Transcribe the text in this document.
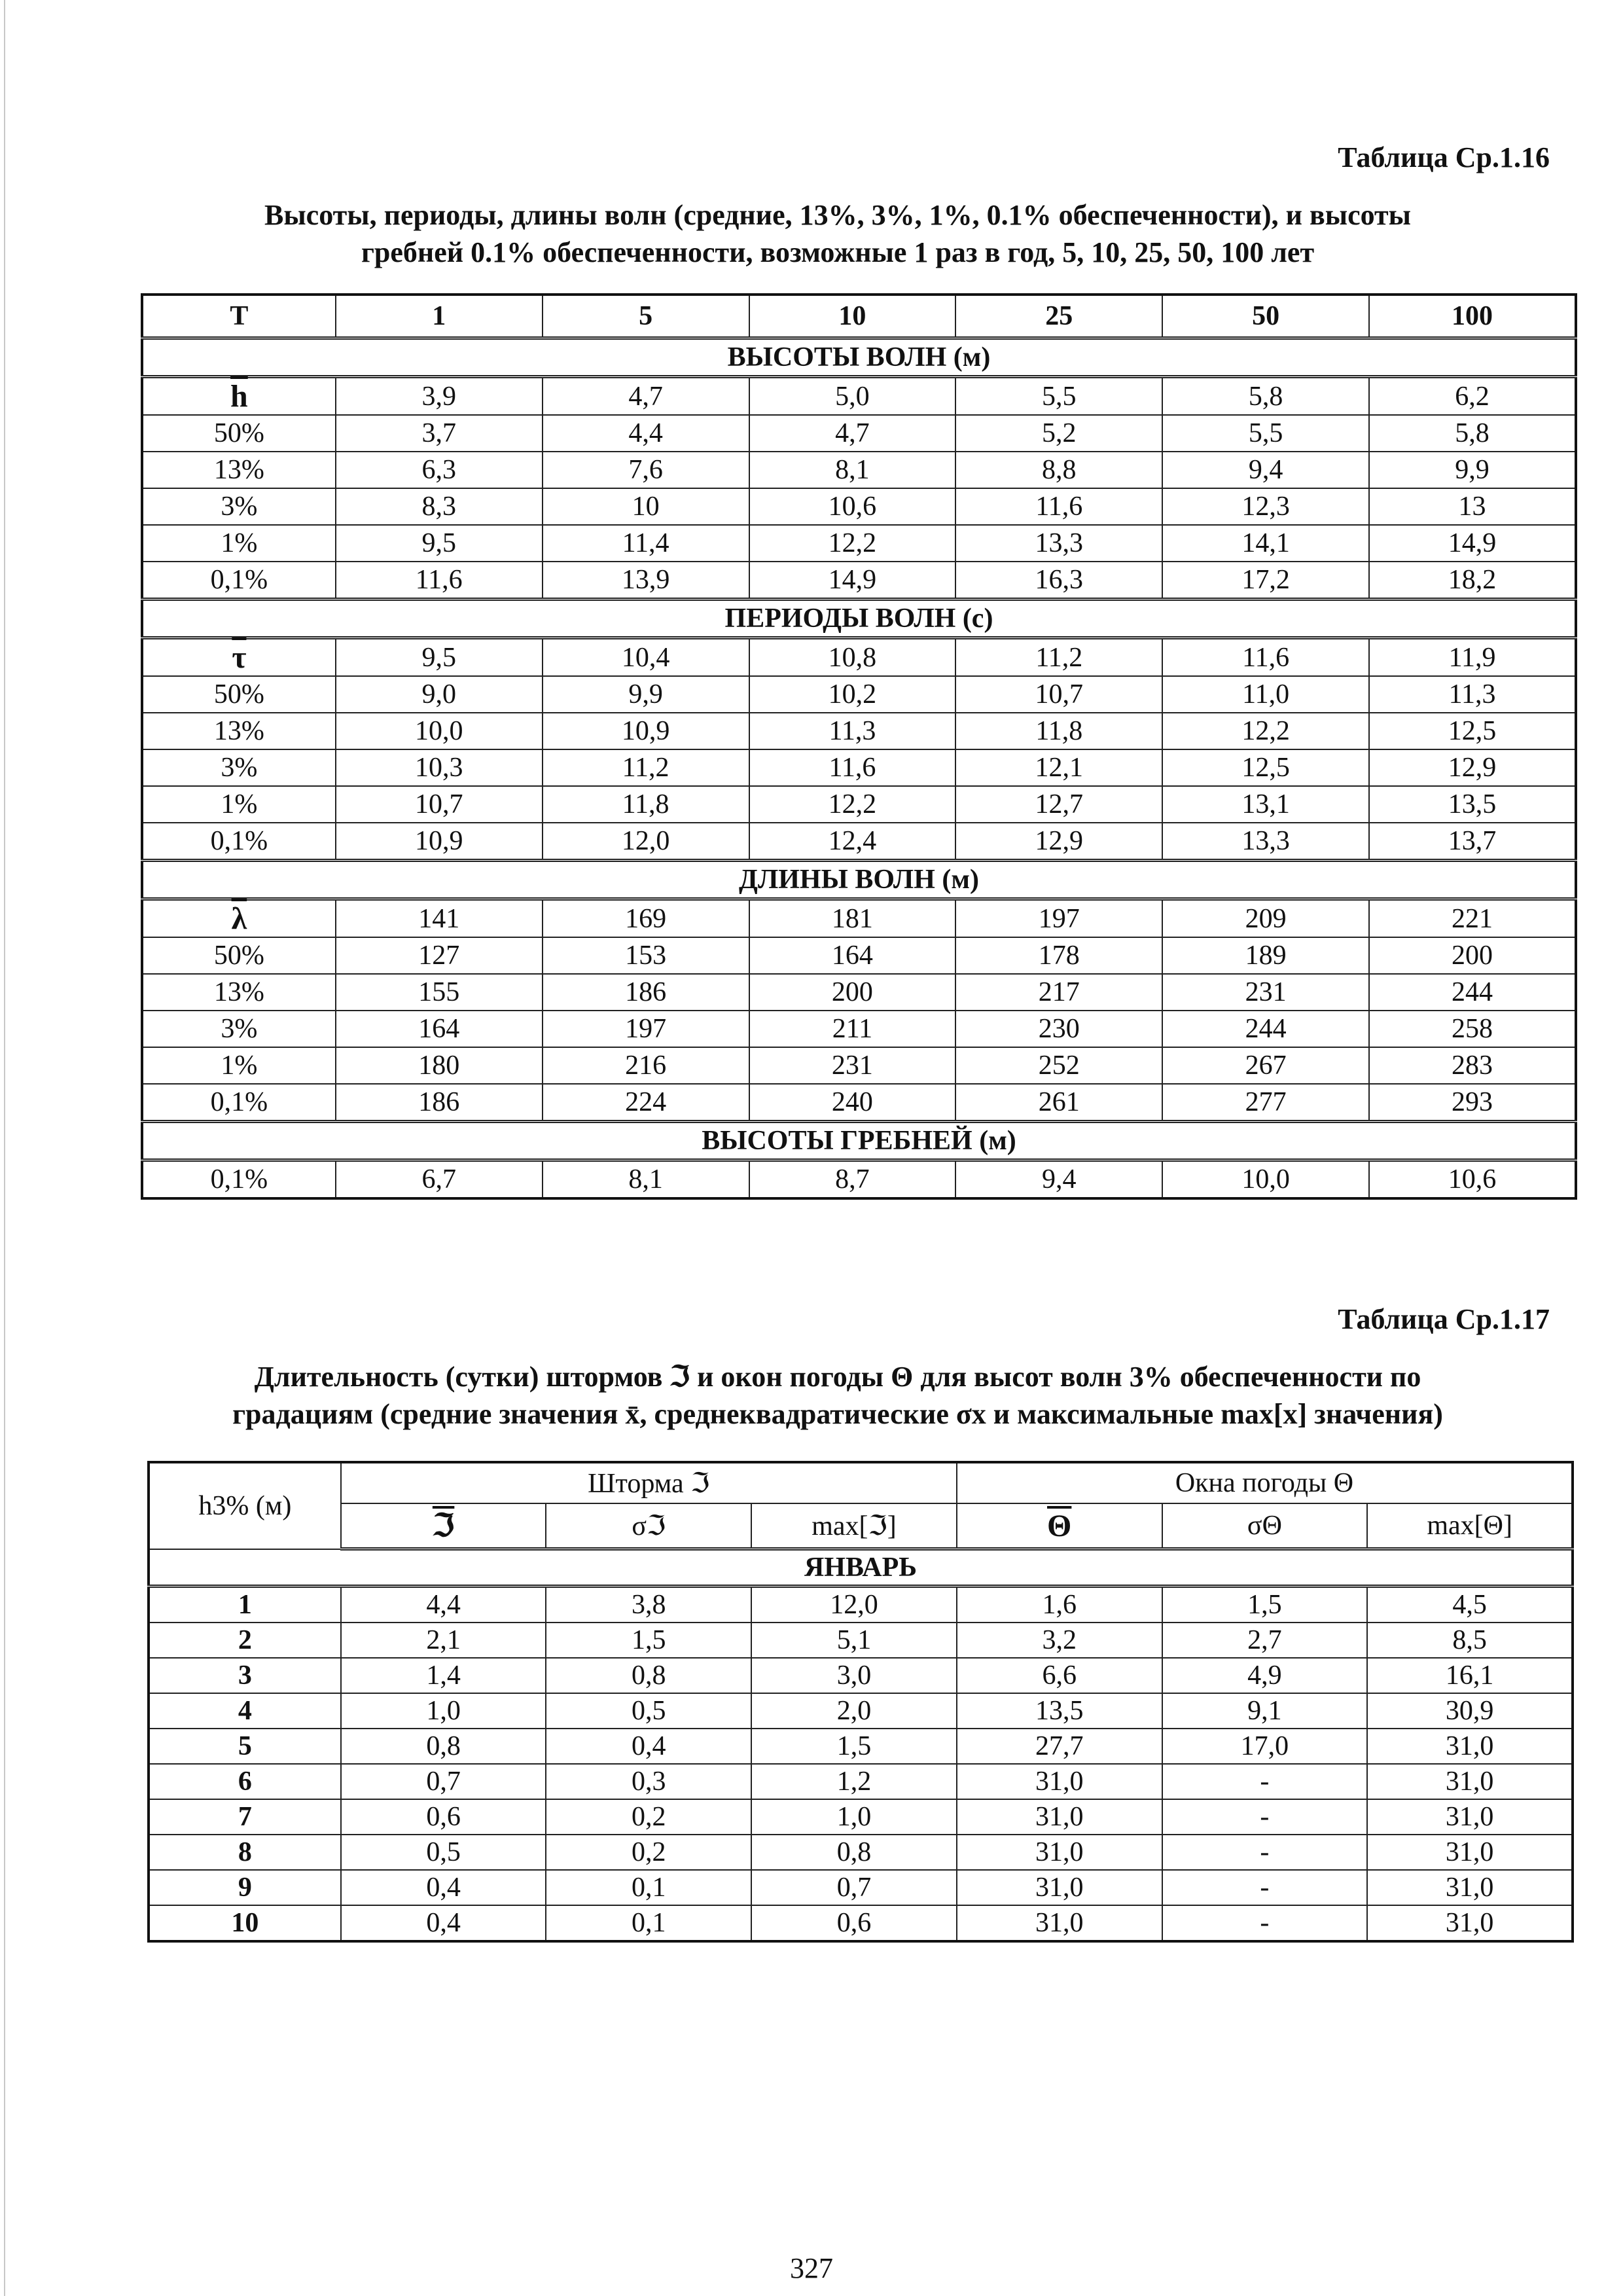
Таблица Ср.1.16
Высоты, периоды, длины волн (средние, 13%, 3%, 1%, 0.1% обеспеченности), и высоты
гребней 0.1% обеспеченности, возможные 1 раз в год, 5, 10, 25, 50, 100 лет
T	1	5	10	25	50	100
ВЫСОТЫ ВОЛН (м)						
$\overline{h}$	3,9	4,7	5,0	5,5	5,8	6,2
50%	3,7	4,4	4,7	5,2	5,5	5,8
13%	6,3	7,6	8,1	8,8	9,4	9,9
3%	8,3	10	10,6	11,6	12,3	13
1%	9,5	11,4	12,2	13,3	14,1	14,9
0,1%	11,6	13,9	14,9	16,3	17,2	18,2
ПЕРИОДЫ ВОЛН (с)						
$\overline{\tau}$	9,5	10,4	10,8	11,2	11,6	11,9
50%	9,0	9,9	10,2	10,7	11,0	11,3
13%	10,0	10,9	11,3	11,8	12,2	12,5
3%	10,3	11,2	11,6	12,1	12,5	12,9
1%	10,7	11,8	12,2	12,7	13,1	13,5
0,1%	10,9	12,0	12,4	12,9	13,3	13,7
ДЛИНЫ ВОЛН (м)						
$\overline{\lambda}$	141	169	181	197	209	221
50%	127	153	164	178	189	200
13%	155	186	200	217	231	244
3%	164	197	211	230	244	258
1%	180	216	231	252	267	283
0,1%	186	224	240	261	277	293
ВЫСОТЫ ГРЕБНЕЙ (м)						
0,1%	6,7	8,1	8,7	9,4	10,0	10,6
Таблица Ср.1.17
Длительность (сутки) штормов ℑ и окон погоды Θ для высот волн 3% обеспеченности по
градациям (средние значения x̄, среднеквадратические σx и максимальные max[x] значения)
h3% (м)	Шторма ℑ			Окна погоды Θ		
	ℑ	σℑ	max[ℑ]	$\overline{\Theta}$	σΘ	max[Θ]
ЯНВАРЬ						
1	4,4	3,8	12,0	1,6	1,5	4,5
2	2,1	1,5	5,1	3,2	2,7	8,5
3	1,4	0,8	3,0	6,6	4,9	16,1
4	1,0	0,5	2,0	13,5	9,1	30,9
5	0,8	0,4	1,5	27,7	17,0	31,0
6	0,7	0,3	1,2	31,0	-	31,0
7	0,6	0,2	1,0	31,0	-	31,0
8	0,5	0,2	0,8	31,0	-	31,0
9	0,4	0,1	0,7	31,0	-	31,0
10	0,4	0,1	0,6	31,0	-	31,0
327
